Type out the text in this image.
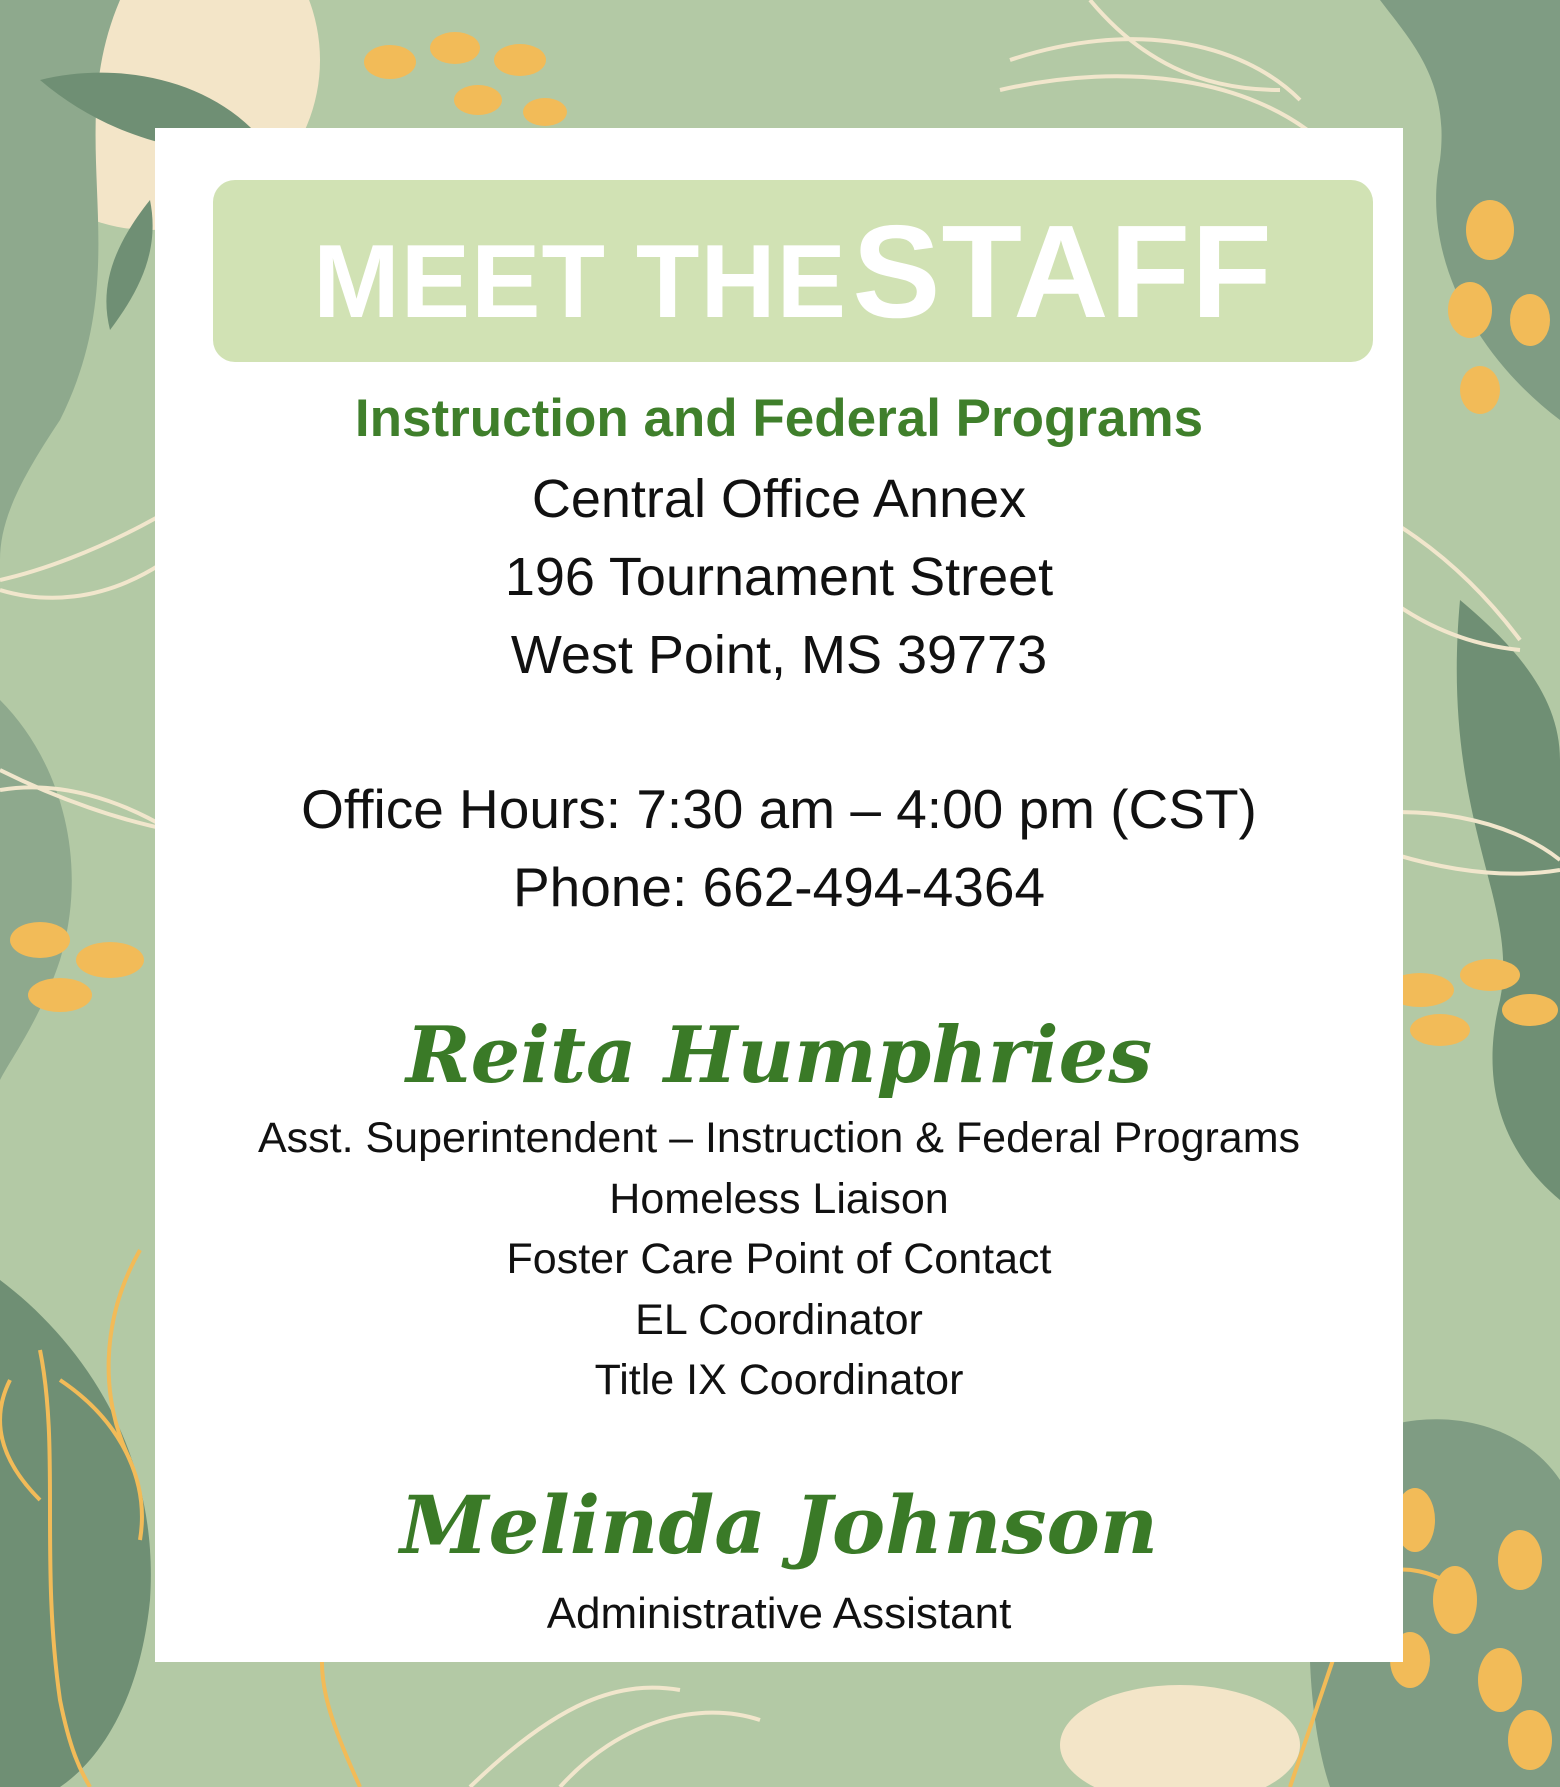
MEET THE STAFF
Instruction and Federal Programs
Central Office Annex
196 Tournament Street
West Point, MS 39773
Office Hours: 7:30 am – 4:00 pm (CST)
Phone: 662-494-4364
Reita Humphries
Asst. Superintendent – Instruction & Federal Programs
Homeless Liaison
Foster Care Point of Contact
EL Coordinator
Title IX Coordinator
Melinda Johnson
Administrative Assistant
